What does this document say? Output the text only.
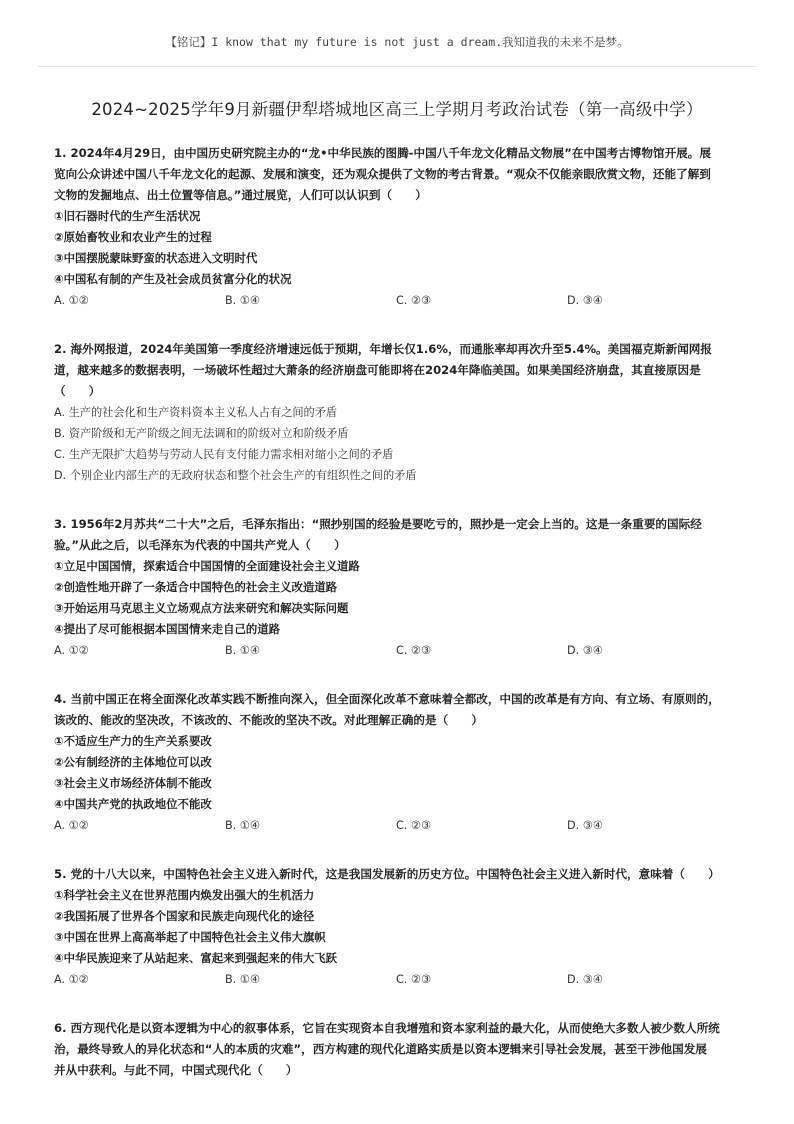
【铭记】I know that my future is not just a dream.我知道我的未来不是梦。
2024~2025学年9月新疆伊犁塔城地区高三上学期月考政治试卷（第一高级中学）
1. 2024年4月29日，由中国历史研究院主办的“龙•中华民族的图腾-中国八千年龙文化精品文物展”在中国考古博物馆开展。展
览向公众讲述中国八千年龙文化的起源、发展和演变，还为观众提供了文物的考古背景。“观众不仅能亲眼欣赏文物，还能了解到
文物的发掘地点、出土位置等信息。”通过展览，人们可以认识到（　　）
①旧石器时代的生产生活状况
②原始畜牧业和农业产生的过程
③中国摆脱蒙昧野蛮的状态进入文明时代
④中国私有制的产生及社会成员贫富分化的状况
A. ①②	B. ①④	C. ②③	D. ③④
2. 海外网报道，2024年美国第一季度经济增速远低于预期，年增长仅1.6%，而通胀率却再次升至5.4%。美国福克斯新闻网报
道，越来越多的数据表明，一场破坏性超过大萧条的经济崩盘可能即将在2024年降临美国。如果美国经济崩盘，其直接原因是
（　　）
A. 生产的社会化和生产资料资本主义私人占有之间的矛盾
B. 资产阶级和无产阶级之间无法调和的阶级对立和阶级矛盾
C. 生产无限扩大趋势与劳动人民有支付能力需求相对缩小之间的矛盾
D. 个别企业内部生产的无政府状态和整个社会生产的有组织性之间的矛盾
3. 1956年2月苏共“二十大”之后，毛泽东指出：“照抄别国的经验是要吃亏的，照抄是一定会上当的。这是一条重要的国际经
验。”从此之后，以毛泽东为代表的中国共产党人（　　）
①立足中国国情，探索适合中国国情的全面建设社会主义道路
②创造性地开辟了一条适合中国特色的社会主义改造道路
③开始运用马克思主义立场观点方法来研究和解决实际问题
④提出了尽可能根据本国国情来走自己的道路
A. ①②	B. ①④	C. ②③	D. ③④
4. 当前中国正在将全面深化改革实践不断推向深入，但全面深化改革不意味着全都改，中国的改革是有方向、有立场、有原则的，
该改的、能改的坚决改，不该改的、不能改的坚决不改。对此理解正确的是（　　）
①不适应生产力的生产关系要改
②公有制经济的主体地位可以改
③社会主义市场经济体制不能改
④中国共产党的执政地位不能改
A. ①②	B. ①④	C. ②③	D. ③④
5. 党的十八大以来，中国特色社会主义进入新时代，这是我国发展新的历史方位。中国特色社会主义进入新时代，意味着（　　）
①科学社会主义在世界范围内焕发出强大的生机活力
②我国拓展了世界各个国家和民族走向现代化的途径
③中国在世界上高高举起了中国特色社会主义伟大旗帜
④中华民族迎来了从站起来、富起来到强起来的伟大飞跃
A. ①②	B. ①④	C. ②③	D. ③④
6. 西方现代化是以资本逻辑为中心的叙事体系，它旨在实现资本自我增殖和资本家利益的最大化，从而使绝大多数人被少数人所统
治，最终导致人的异化状态和“人的本质的灾难”，西方构建的现代化道路实质是以资本逻辑来引导社会发展，甚至干涉他国发展
并从中获利。与此不同，中国式现代化（　　）
